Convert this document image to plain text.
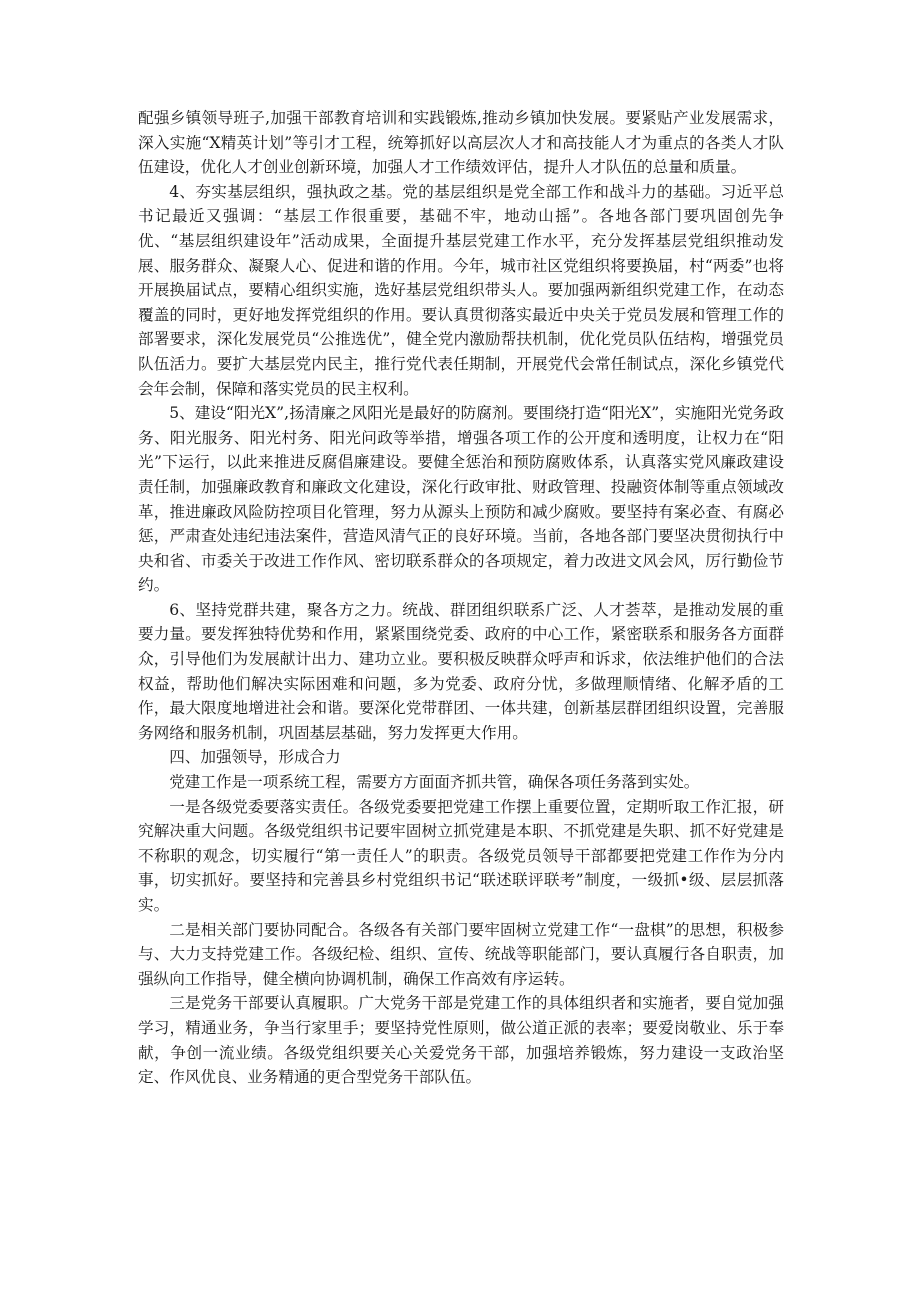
配强乡镇领导班子,加强干部教育培训和实践锻炼,推动乡镇加快发展。要紧贴产业发展需求，深入实施“X精英计划”等引才工程，统筹抓好以高层次人才和高技能人才为重点的各类人才队伍建设，优化人才创业创新环境，加强人才工作绩效评估，提升人才队伍的总量和质量。

4、夯实基层组织，强执政之基。党的基层组织是党全部工作和战斗力的基础。习近平总书记最近又强调：“基层工作很重要，基础不牢，地动山摇”。各地各部门要巩固创先争优、“基层组织建设年”活动成果，全面提升基层党建工作水平，充分发挥基层党组织推动发展、服务群众、凝聚人心、促进和谐的作用。今年，城市社区党组织将要换届，村“两委”也将开展换届试点，要精心组织实施，选好基层党组织带头人。要加强两新组织党建工作，在动态覆盖的同时，更好地发挥党组织的作用。要认真贯彻落实最近中央关于党员发展和管理工作的部署要求，深化发展党员“公推选优”，健全党内激励帮扶机制，优化党员队伍结构，增强党员队伍活力。要扩大基层党内民主，推行党代表任期制，开展党代会常任制试点，深化乡镇党代会年会制，保障和落实党员的民主权利。

5、建设“阳光X”,扬清廉之风阳光是最好的防腐剂。要围绕打造“阳光X”，实施阳光党务政务、阳光服务、阳光村务、阳光问政等举措，增强各项工作的公开度和透明度，让权力在“阳光”下运行，以此来推进反腐倡廉建设。要健全惩治和预防腐败体系，认真落实党风廉政建设责任制，加强廉政教育和廉政文化建设，深化行政审批、财政管理、投融资体制等重点领域改革，推进廉政风险防控项目化管理，努力从源头上预防和减少腐败。要坚持有案必查、有腐必惩，严肃查处违纪违法案件，营造风清气正的良好环境。当前，各地各部门要坚决贯彻执行中央和省、市委关于改进工作作风、密切联系群众的各项规定，着力改进文风会风，厉行勤俭节约。

6、坚持党群共建，聚各方之力。统战、群团组织联系广泛、人才荟萃，是推动发展的重要力量。要发挥独特优势和作用，紧紧围绕党委、政府的中心工作，紧密联系和服务各方面群众，引导他们为发展献计出力、建功立业。要积极反映群众呼声和诉求，依法维护他们的合法权益，帮助他们解决实际困难和问题，多为党委、政府分忧，多做理顺情绪、化解矛盾的工作，最大限度地增进社会和谐。要深化党带群团、一体共建，创新基层群团组织设置，完善服务网络和服务机制，巩固基层基础，努力发挥更大作用。

四、加强领导，形成合力

党建工作是一项系统工程，需要方方面面齐抓共管，确保各项任务落到实处。

一是各级党委要落实责任。各级党委要把党建工作摆上重要位置，定期听取工作汇报，研究解决重大问题。各级党组织书记要牢固树立抓党建是本职、不抓党建是失职、抓不好党建是不称职的观念，切实履行“第一责任人”的职责。各级党员领导干部都要把党建工作作为分内事，切实抓好。要坚持和完善县乡村党组织书记“联述联评联考”制度，一级抓•级、层层抓落实。

二是相关部门要协同配合。各级各有关部门要牢固树立党建工作“一盘棋”的思想，积极参与、大力支持党建工作。各级纪检、组织、宣传、统战等职能部门，要认真履行各自职责，加强纵向工作指导，健全横向协调机制，确保工作高效有序运转。

三是党务干部要认真履职。广大党务干部是党建工作的具体组织者和实施者，要自觉加强学习，精通业务，争当行家里手；要坚持党性原则，做公道正派的表率；要爱岗敬业、乐于奉献，争创一流业绩。各级党组织要关心关爱党务干部，加强培养锻炼，努力建设一支政治坚定、作风优良、业务精通的更合型党务干部队伍。
